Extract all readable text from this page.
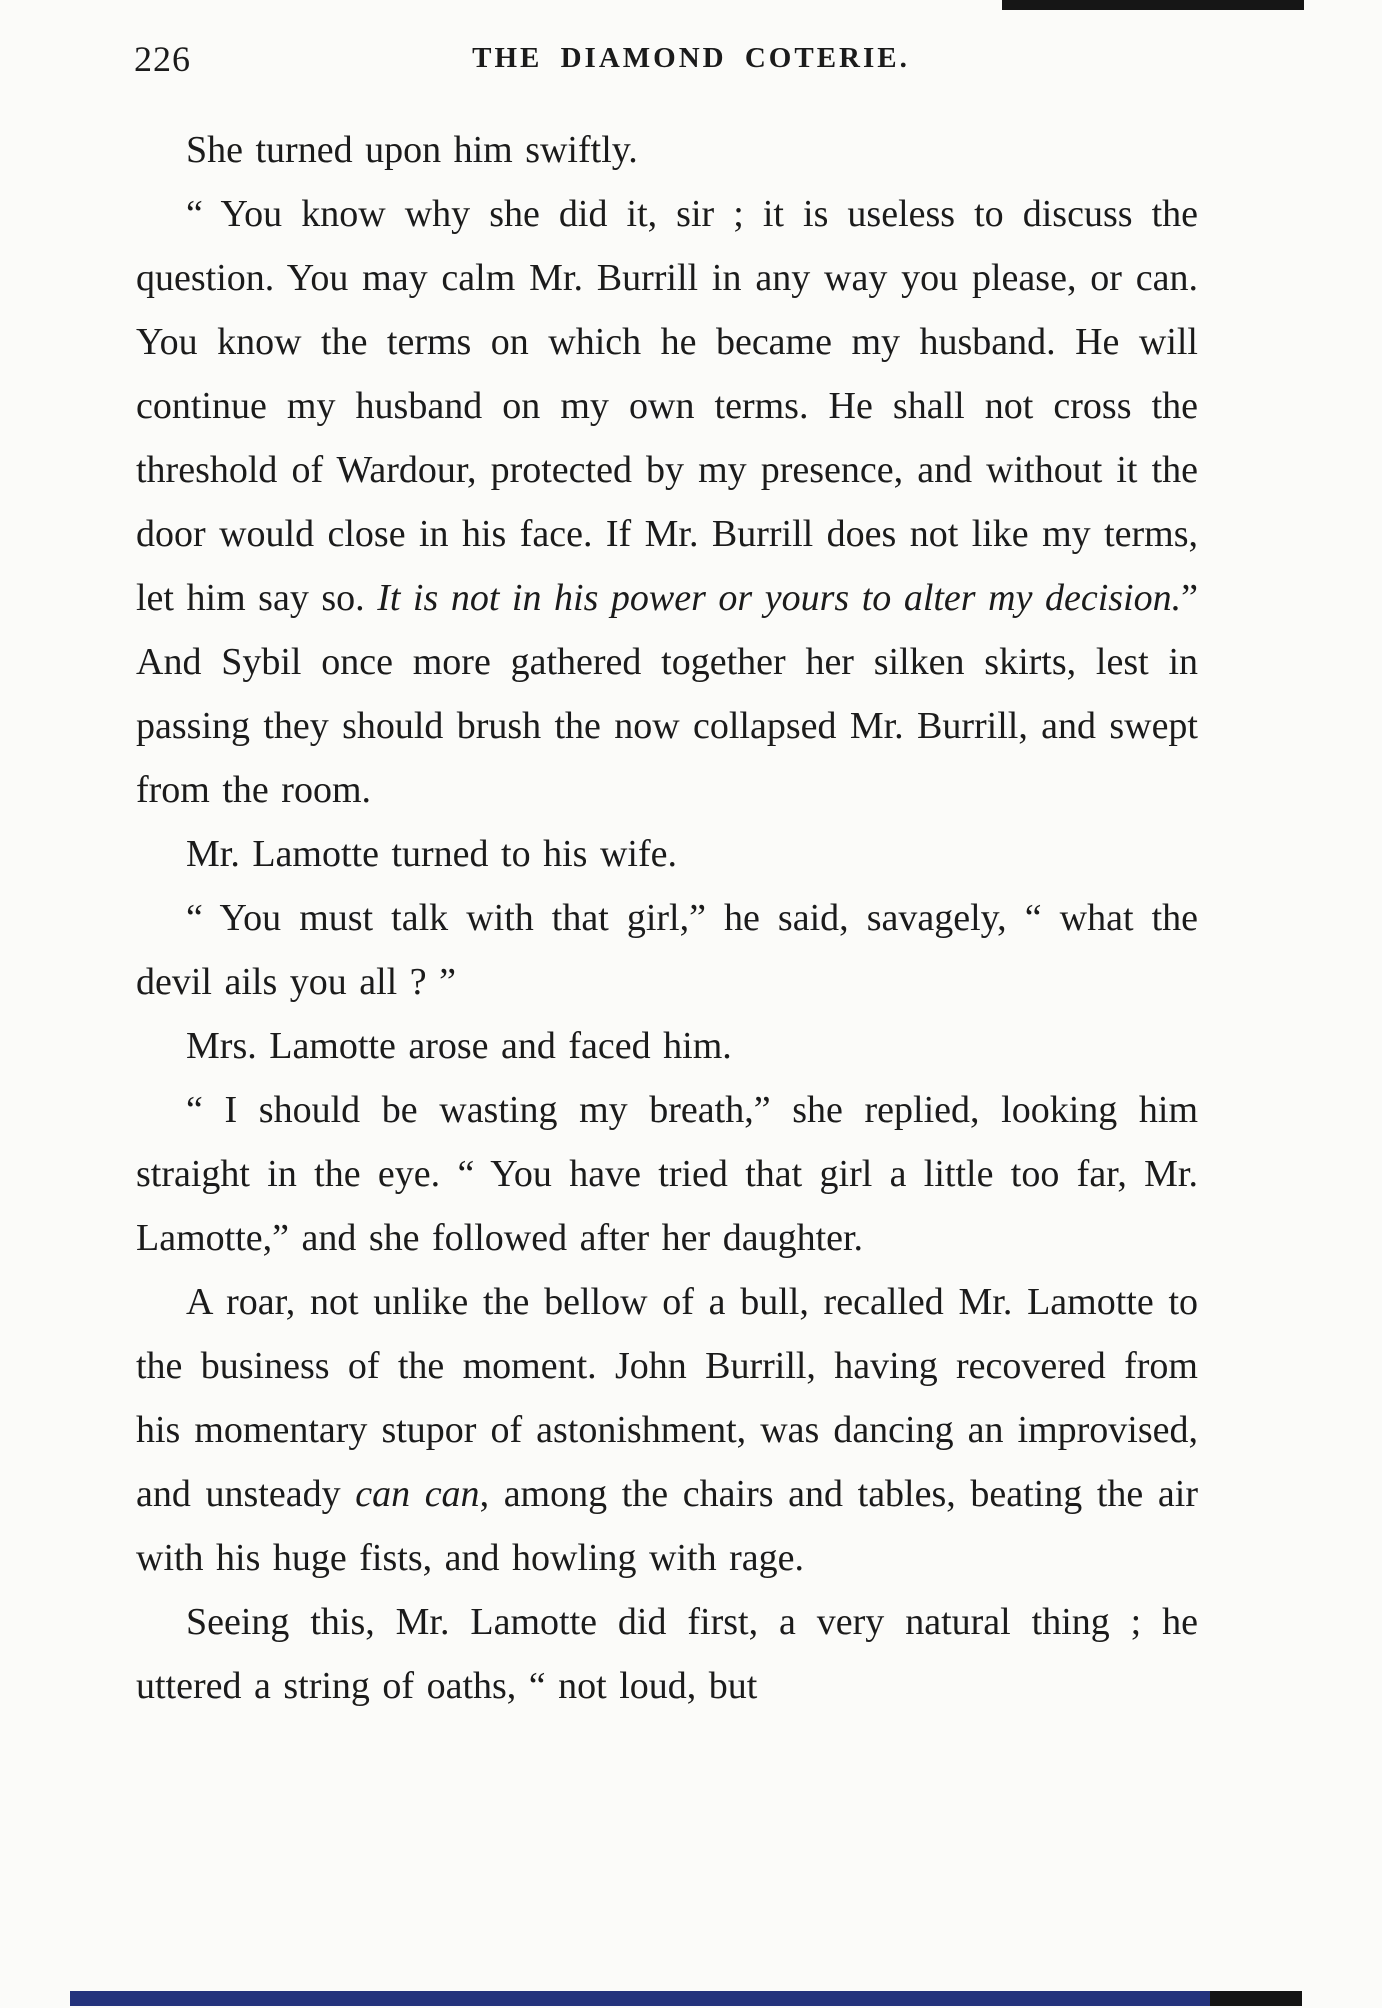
226	THE DIAMOND COTERIE.

She turned upon him swiftly.

“ You know why she did it, sir ; it is useless to discuss the question. You may calm Mr. Burrill in any way you please, or can. You know the terms on which he became my husband. He will continue my husband on my own terms. He shall not cross the threshold of Wardour, protected by my presence, and without it the door would close in his face. If Mr. Burrill does not like my terms, let him say so. It is not in his power or yours to alter my decision.” And Sybil once more gathered together her silken skirts, lest in passing they should brush the now collapsed Mr. Burrill, and swept from the room.

Mr. Lamotte turned to his wife.

“ You must talk with that girl,” he said, savagely, “ what the devil ails you all ? ”

Mrs. Lamotte arose and faced him.

“ I should be wasting my breath,” she replied, looking him straight in the eye. “ You have tried that girl a little too far, Mr. Lamotte,” and she followed after her daughter.

A roar, not unlike the bellow of a bull, recalled Mr. Lamotte to the business of the moment. John Burrill, having recovered from his momentary stupor of astonishment, was dancing an improvised, and unsteady can can, among the chairs and tables, beating the air with his huge fists, and howling with rage.

Seeing this, Mr. Lamotte did first, a very natural thing ; he uttered a string of oaths, “ not loud, but
